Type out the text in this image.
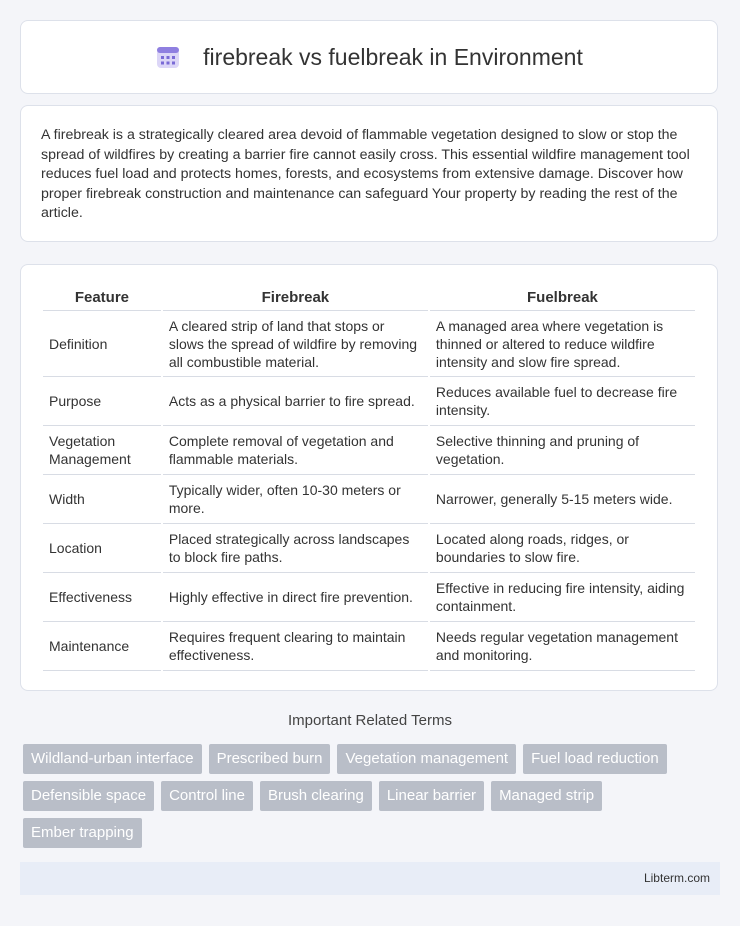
firebreak vs fuelbreak in Environment

A firebreak is a strategically cleared area devoid of flammable vegetation designed to slow or stop the spread of wildfires by creating a barrier fire cannot easily cross. This essential wildfire management tool reduces fuel load and protects homes, forests, and ecosystems from extensive damage. Discover how proper firebreak construction and maintenance can safeguard Your property by reading the rest of the article.

Feature	Firebreak	Fuelbreak
Definition	A cleared strip of land that stops or slows the spread of wildfire by removing all combustible material.	A managed area where vegetation is thinned or altered to reduce wildfire intensity and slow fire spread.
Purpose	Acts as a physical barrier to fire spread.	Reduces available fuel to decrease fire intensity.
Vegetation Management	Complete removal of vegetation and flammable materials.	Selective thinning and pruning of vegetation.
Width	Typically wider, often 10-30 meters or more.	Narrower, generally 5-15 meters wide.
Location	Placed strategically across landscapes to block fire paths.	Located along roads, ridges, or boundaries to slow fire.
Effectiveness	Highly effective in direct fire prevention.	Effective in reducing fire intensity, aiding containment.
Maintenance	Requires frequent clearing to maintain effectiveness.	Needs regular vegetation management and monitoring.
Important Related Terms
Wildland-urban interface	Prescribed burn	Vegetation management	Fuel load reduction
Defensible space	Control line	Brush clearing	Linear barrier	Managed strip
Ember trapping
Libterm.com
